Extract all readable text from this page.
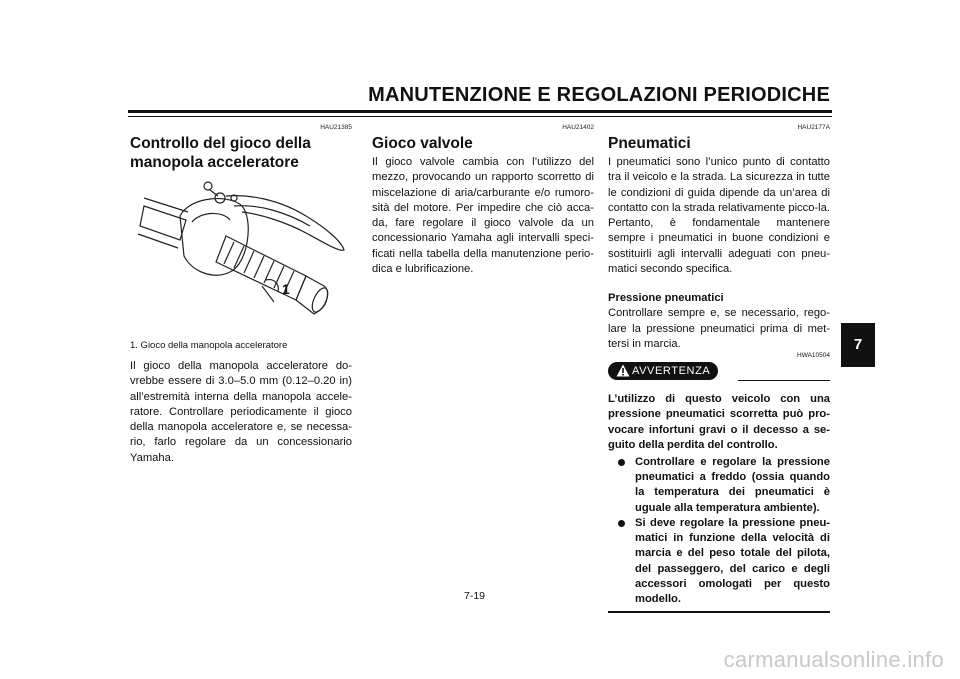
MANUTENZIONE E REGOLAZIONI PERIODICHE

HAU21385

Controllo del gioco della manopola acceleratore
1

1. Gioco della manopola acceleratore

Il gioco della manopola acceleratore do-vrebbe essere di 3.0–5.0 mm (0.12–0.20 in) all’estremità interna della manopola accele-ratore. Controllare periodicamente il gioco della manopola acceleratore e, se necessa-rio, farlo regolare da un concessionario Yamaha.

HAU21402

Gioco valvole

Il gioco valvole cambia con l’utilizzo del mezzo, provocando un rapporto scorretto di miscelazione di aria/carburante e/o rumoro-sità del motore. Per impedire che ciò acca-da, fare regolare il gioco valvole da un concessionario Yamaha agli intervalli speci-ficati nella tabella della manutenzione perio-dica e lubrificazione.

HAU2177A

Pneumatici

I pneumatici sono l’unico punto di contatto tra il veicolo e la strada. La sicurezza in tutte le condizioni di guida dipende da un’area di contatto con la strada relativamente picco-la. Pertanto, è fondamentale mantenere sempre i pneumatici in buone condizioni e sostituirli agli intervalli adeguati con pneu-matici secondo specifica.

Pressione pneumatici

Controllare sempre e, se necessario, rego-lare la pressione pneumatici prima di met-tersi in marcia.

HWA10504
AVVERTENZA

L’utilizzo di questo veicolo con una pressione pneumatici scorretta può pro-vocare infortuni gravi o il decesso a se-guito della perdita del controllo.

Controllare e regolare la pressione pneumatici a freddo (ossia quando la temperatura dei pneumatici è uguale alla temperatura ambiente).
Si deve regolare la pressione pneu-matici in funzione della velocità di marcia e del peso totale del pilota, del passeggero, del carico e degli accessori omologati per questo modello.
7
7-19
carmanualsonline.info
